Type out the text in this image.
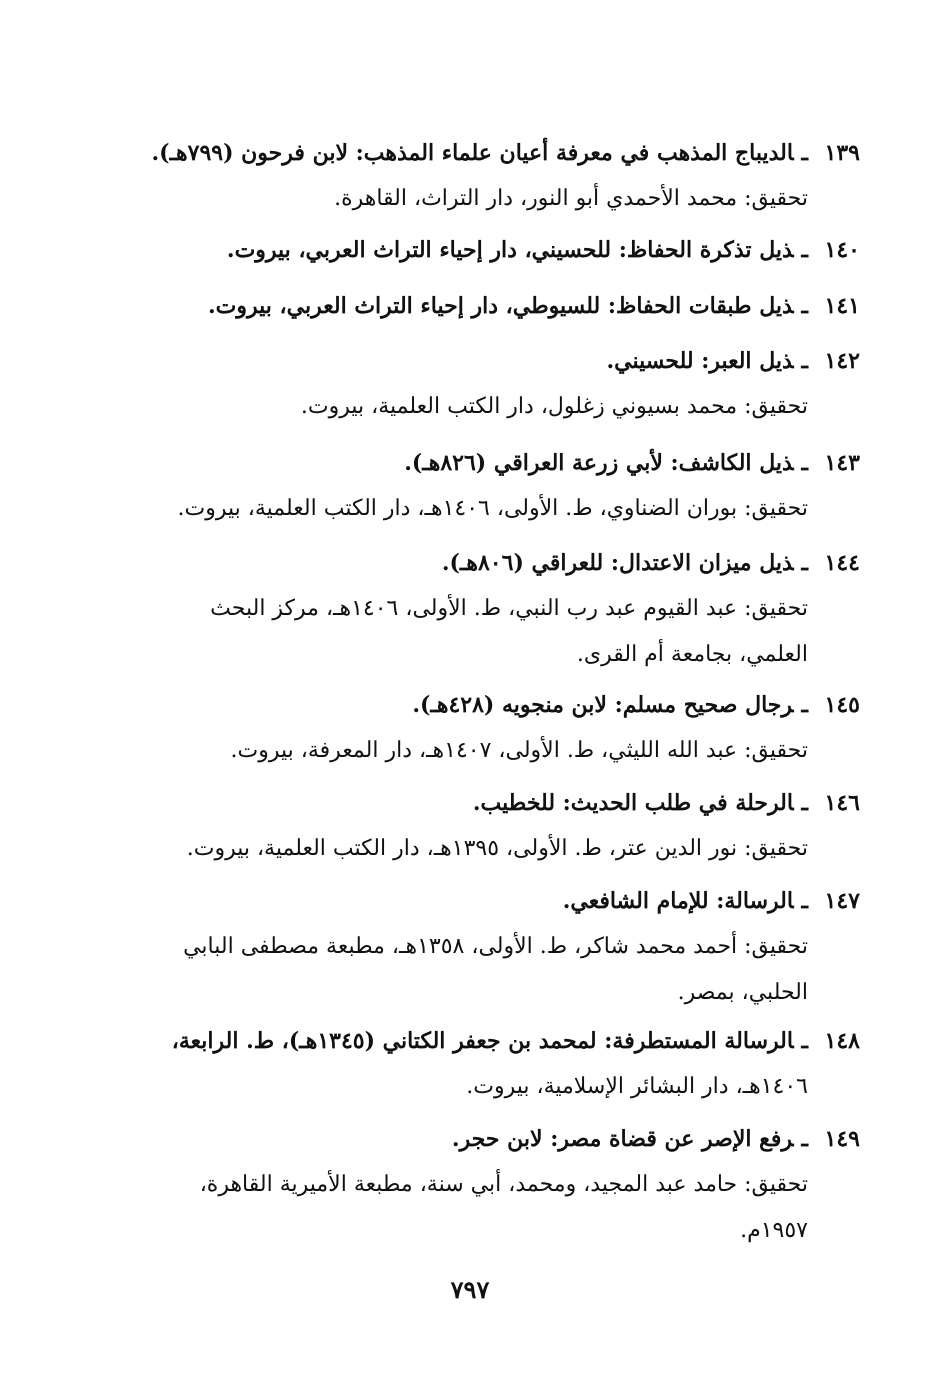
١٣٩ـالديباج المذهب في معرفة أعيان علماء المذهب: لابن فرحون (٧٩٩هـ).
تحقيق: محمد الأحمدي أبو النور، دار التراث، القاهرة.
١٤٠ـذيل تذكرة الحفاظ: للحسيني، دار إحياء التراث العربي، بيروت.
١٤١ـذيل طبقات الحفاظ: للسيوطي، دار إحياء التراث العربي، بيروت.
١٤٢ـذيل العبر: للحسيني.
تحقيق: محمد بسيوني زغلول، دار الكتب العلمية، بيروت.
١٤٣ـذيل الكاشف: لأبي زرعة العراقي (٨٢٦هـ).
تحقيق: بوران الضناوي، ط. الأولى، ١٤٠٦هـ، دار الكتب العلمية، بيروت.
١٤٤ـذيل ميزان الاعتدال: للعراقي (٨٠٦هـ).
تحقيق: عبد القيوم عبد رب النبي، ط. الأولى، ١٤٠٦هـ، مركز البحث
العلمي، بجامعة أم القرى.
١٤٥ـرجال صحيح مسلم: لابن منجويه (٤٢٨هـ).
تحقيق: عبد الله الليثي، ط. الأولى، ١٤٠٧هـ، دار المعرفة، بيروت.
١٤٦ـالرحلة في طلب الحديث: للخطيب.
تحقيق: نور الدين عتر، ط. الأولى، ١٣٩٥هـ، دار الكتب العلمية، بيروت.
١٤٧ـالرسالة: للإمام الشافعي.
تحقيق: أحمد محمد شاكر، ط. الأولى، ١٣٥٨هـ، مطبعة مصطفى البابي
الحلبي، بمصر.
١٤٨ـالرسالة المستطرفة: لمحمد بن جعفر الكتاني (١٣٤٥هـ)، ط. الرابعة،
١٤٠٦هـ، دار البشائر الإسلامية، بيروت.
١٤٩ـرفع الإصر عن قضاة مصر: لابن حجر.
تحقيق: حامد عبد المجيد، ومحمد، أبي سنة، مطبعة الأميرية القاهرة،
١٩٥٧م.
٧٩٧
